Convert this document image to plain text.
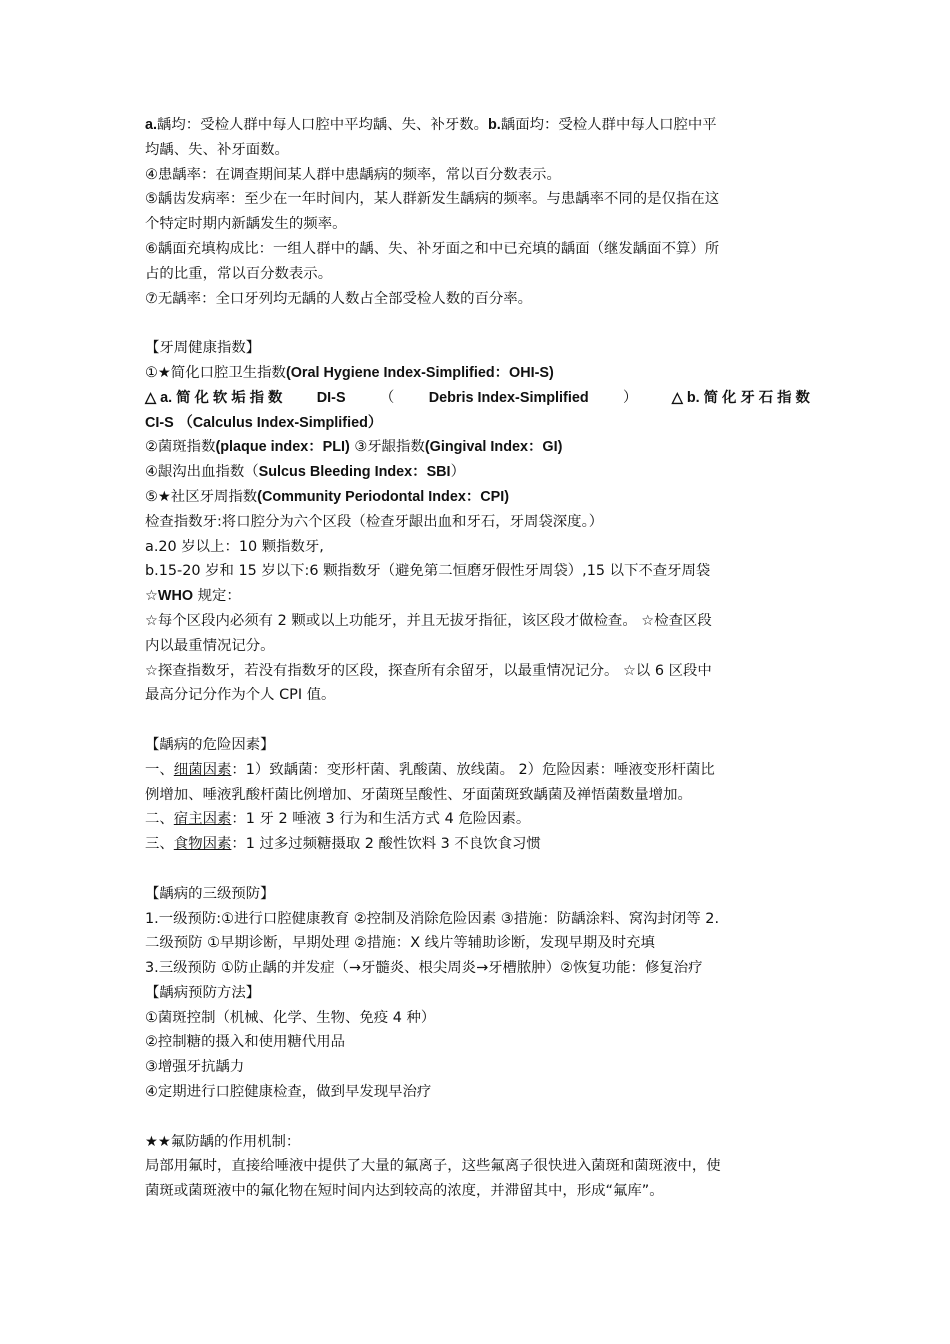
a.龋均：受检人群中每人口腔中平均龋、失、补牙数。b.龋面均：受检人群中每人口腔中平
均龋、失、补牙面数。
④患龋率：在调查期间某人群中患龋病的频率，常以百分数表示。
⑤龋齿发病率：至少在一年时间内，某人群新发生龋病的频率。与患龋率不同的是仅指在这
个特定时期内新龋发生的频率。
⑥龋面充填构成比：一组人群中的龋、失、补牙面之和中已充填的龋面（继发龋面不算）所
占的比重，常以百分数表示。
⑦无龋率：全口牙列均无龋的人数占全部受检人数的百分率。
【牙周健康指数】
①★简化口腔卫生指数(Oral Hygiene Index-Simplified：OHI-S)
△ a. 简 化 软 垢 指 数 DI-S （ Debris Index-Simplified ） △ b. 简 化 牙 石 指 数
CI-S （Calculus Index-Simplified）
②菌斑指数(plaque index：PLI) ③牙龈指数(Gingival Index：GI)
④龈沟出血指数（Sulcus Bleeding Index：SBI）
⑤★社区牙周指数(Community Periodontal Index：CPI)
检查指数牙:将口腔分为六个区段（检查牙龈出血和牙石，牙周袋深度。）
a.20 岁以上：10 颗指数牙,
b.15-20 岁和 15 岁以下:6 颗指数牙（避免第二恒磨牙假性牙周袋）,15 以下不查牙周袋
☆WHO 规定：
☆每个区段内必须有 2 颗或以上功能牙，并且无拔牙指征，该区段才做检查。 ☆检查区段
内以最重情况记分。
☆探查指数牙，若没有指数牙的区段，探查所有余留牙，以最重情况记分。 ☆以 6 区段中
最高分记分作为个人 CPI 值。
【龋病的危险因素】
一、细菌因素：1）致龋菌：变形杆菌、乳酸菌、放线菌。 2）危险因素：唾液变形杆菌比
例增加、唾液乳酸杆菌比例增加、牙菌斑呈酸性、牙面菌斑致龋菌及禅悟菌数量增加。
二、宿主因素：1 牙 2 唾液 3 行为和生活方式 4 危险因素。
三、食物因素：1 过多过频糖摄取 2 酸性饮料 3 不良饮食习惯
【龋病的三级预防】
1.一级预防:①进行口腔健康教育 ②控制及消除危险因素 ③措施：防龋涂料、窝沟封闭等 2.
二级预防 ①早期诊断，早期处理 ②措施：X 线片等辅助诊断，发现早期及时充填
3.三级预防 ①防止龋的并发症（→牙髓炎、根尖周炎→牙槽脓肿）②恢复功能：修复治疗
【龋病预防方法】
①菌斑控制（机械、化学、生物、免疫 4 种）
②控制糖的摄入和使用糖代用品
③增强牙抗龋力
④定期进行口腔健康检查，做到早发现早治疗
★★氟防龋的作用机制：
局部用氟时，直接给唾液中提供了大量的氟离子，这些氟离子很快进入菌斑和菌斑液中，使
菌斑或菌斑液中的氟化物在短时间内达到较高的浓度，并滞留其中，形成“氟库”。
